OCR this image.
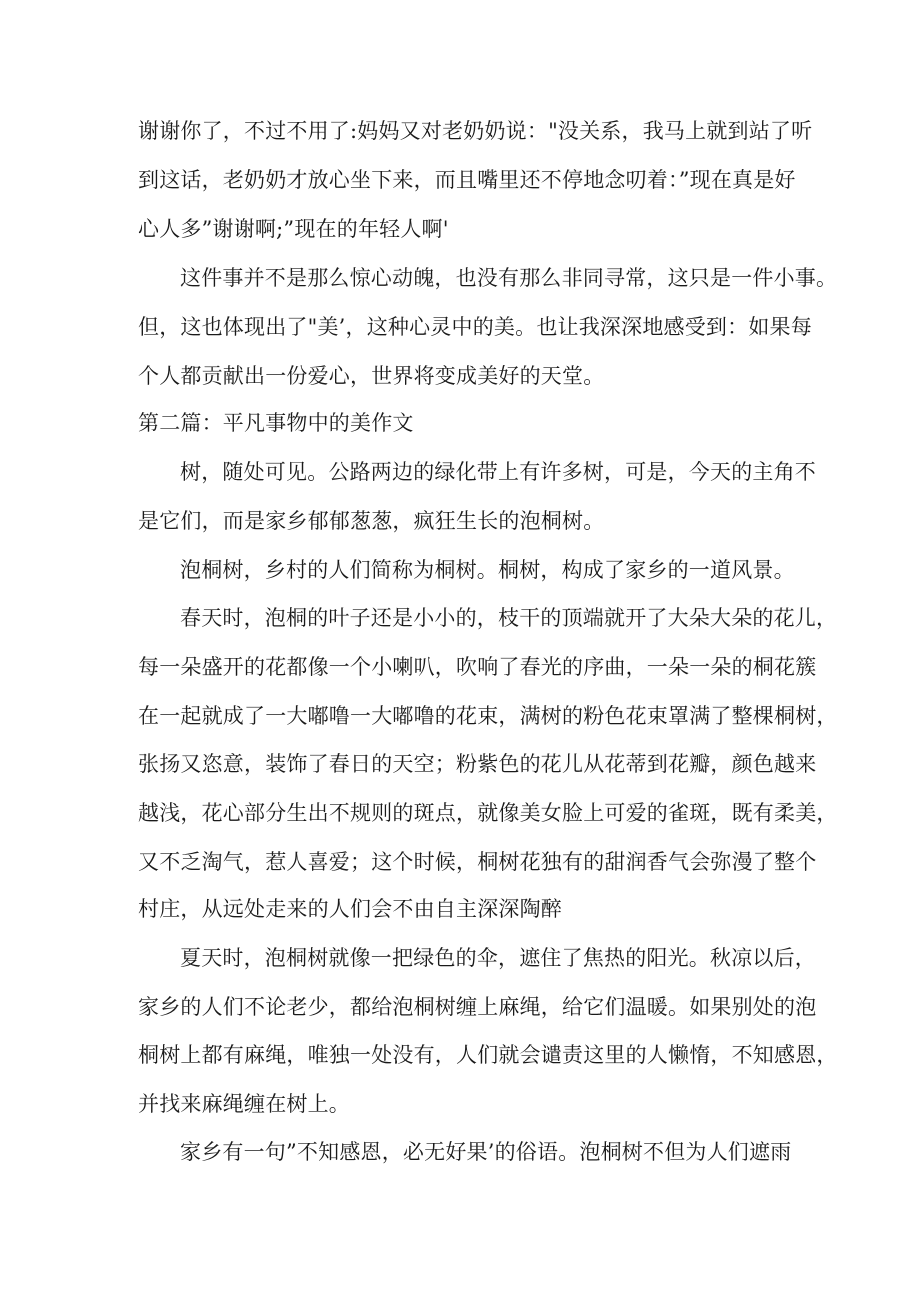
谢谢你了，不过不用了:妈妈又对老奶奶说："没关系，我马上就到站了听
到这话，老奶奶才放心坐下来，而且嘴里还不停地念叨着：”现在真是好
心人多”谢谢啊;”现在的年轻人啊'
这件事并不是那么惊心动魄，也没有那么非同寻常，这只是一件小事。
但，这也体现出了"美’，这种心灵中的美。也让我深深地感受到：如果每
个人都贡献出一份爱心，世界将变成美好的天堂。
第二篇：平凡事物中的美作文
树，随处可见。公路两边的绿化带上有许多树，可是，今天的主角不
是它们，而是家乡郁郁葱葱，疯狂生长的泡桐树。
泡桐树，乡村的人们简称为桐树。桐树，构成了家乡的一道风景。
春天时，泡桐的叶子还是小小的，枝干的顶端就开了大朵大朵的花儿，
每一朵盛开的花都像一个小喇叭，吹响了春光的序曲，一朵一朵的桐花簇
在一起就成了一大嘟噜一大嘟噜的花束，满树的粉色花束罩满了整棵桐树，
张扬又恣意，装饰了春日的天空；粉紫色的花儿从花蒂到花瓣，颜色越来
越浅，花心部分生出不规则的斑点，就像美女脸上可爱的雀斑，既有柔美，
又不乏淘气，惹人喜爱；这个时候，桐树花独有的甜润香气会弥漫了整个
村庄，从远处走来的人们会不由自主深深陶醉
夏天时，泡桐树就像一把绿色的伞，遮住了焦热的阳光。秋凉以后，
家乡的人们不论老少，都给泡桐树缠上麻绳，给它们温暖。如果别处的泡
桐树上都有麻绳，唯独一处没有，人们就会谴责这里的人懒惰，不知感恩，
并找来麻绳缠在树上。
家乡有一句”不知感恩，必无好果’的俗语。泡桐树不但为人们遮雨
